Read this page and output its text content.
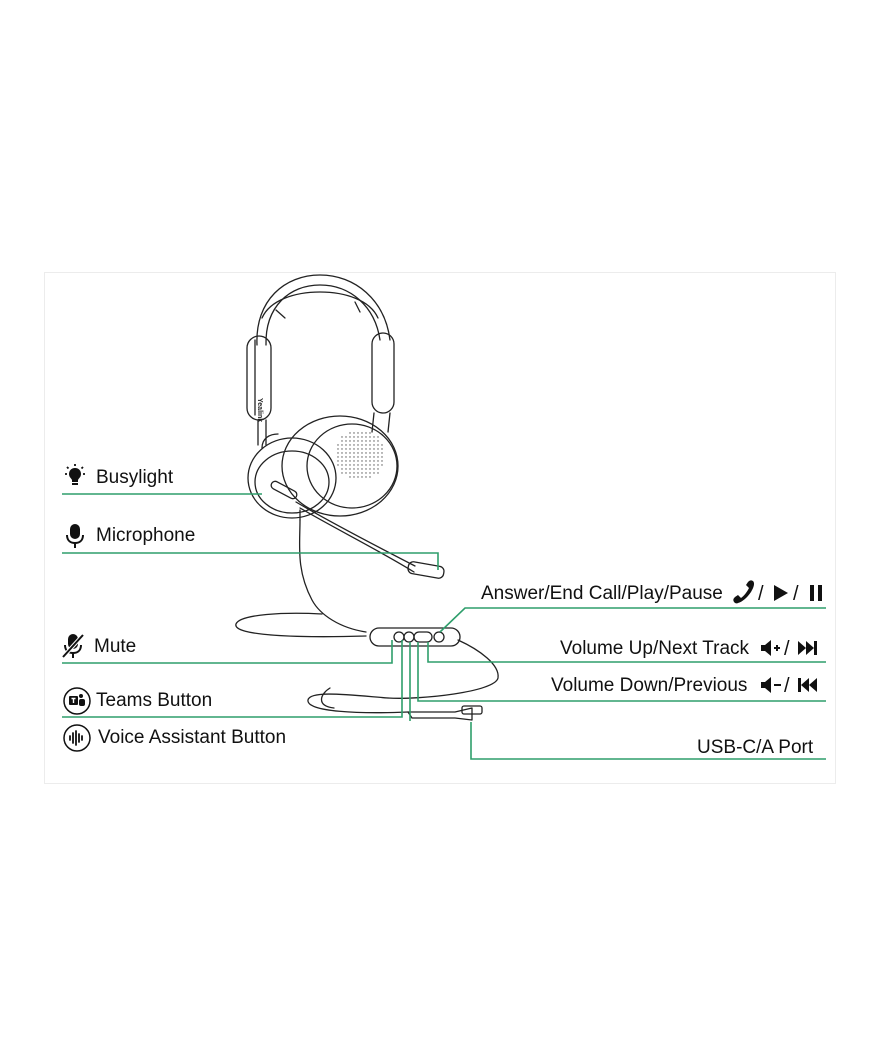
Yealink
Busylight
Microphone
Mute
Teams Button
Voice Assistant Button
Answer/End Call/Play/Pause / /
Volume Up/Next Track /
Volume Down/Previous /
USB-C/A Port
